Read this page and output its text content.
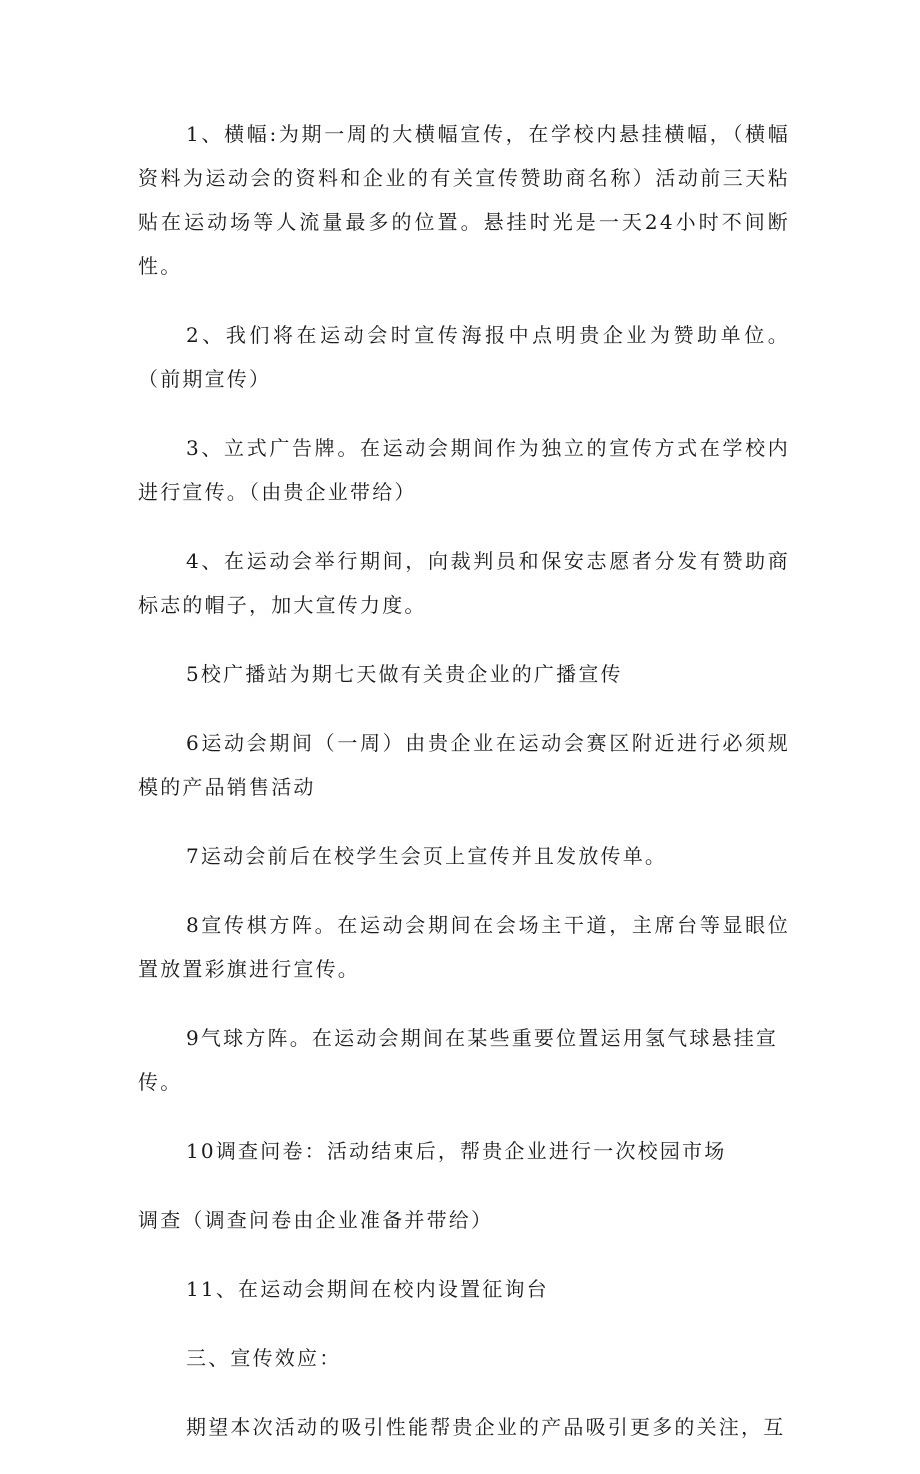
1、横幅:为期一周的大横幅宣传，在学校内悬挂横幅，（横幅资料为运动会的资料和企业的有关宣传赞助商名称）活动前三天粘贴在运动场等人流量最多的位置。悬挂时光是一天24小时不间断性。

2、我们将在运动会时宣传海报中点明贵企业为赞助单位。（前期宣传）

3、立式广告牌。在运动会期间作为独立的宣传方式在学校内进行宣传。（由贵企业带给）

4、在运动会举行期间，向裁判员和保安志愿者分发有赞助商标志的帽子，加大宣传力度。

5校广播站为期七天做有关贵企业的广播宣传

6运动会期间（一周）由贵企业在运动会赛区附近进行必须规模的产品销售活动

7运动会前后在校学生会页上宣传并且发放传单。

8宣传棋方阵。在运动会期间在会场主干道，主席台等显眼位置放置彩旗进行宣传。

9气球方阵。在运动会期间在某些重要位置运用氢气球悬挂宣传。

10调查问卷：活动结束后，帮贵企业进行一次校园市场

调查（调查问卷由企业准备并带给）

11、在运动会期间在校内设置征询台

三、宣传效应：

期望本次活动的吸引性能帮贵企业的产品吸引更多的关注，互
